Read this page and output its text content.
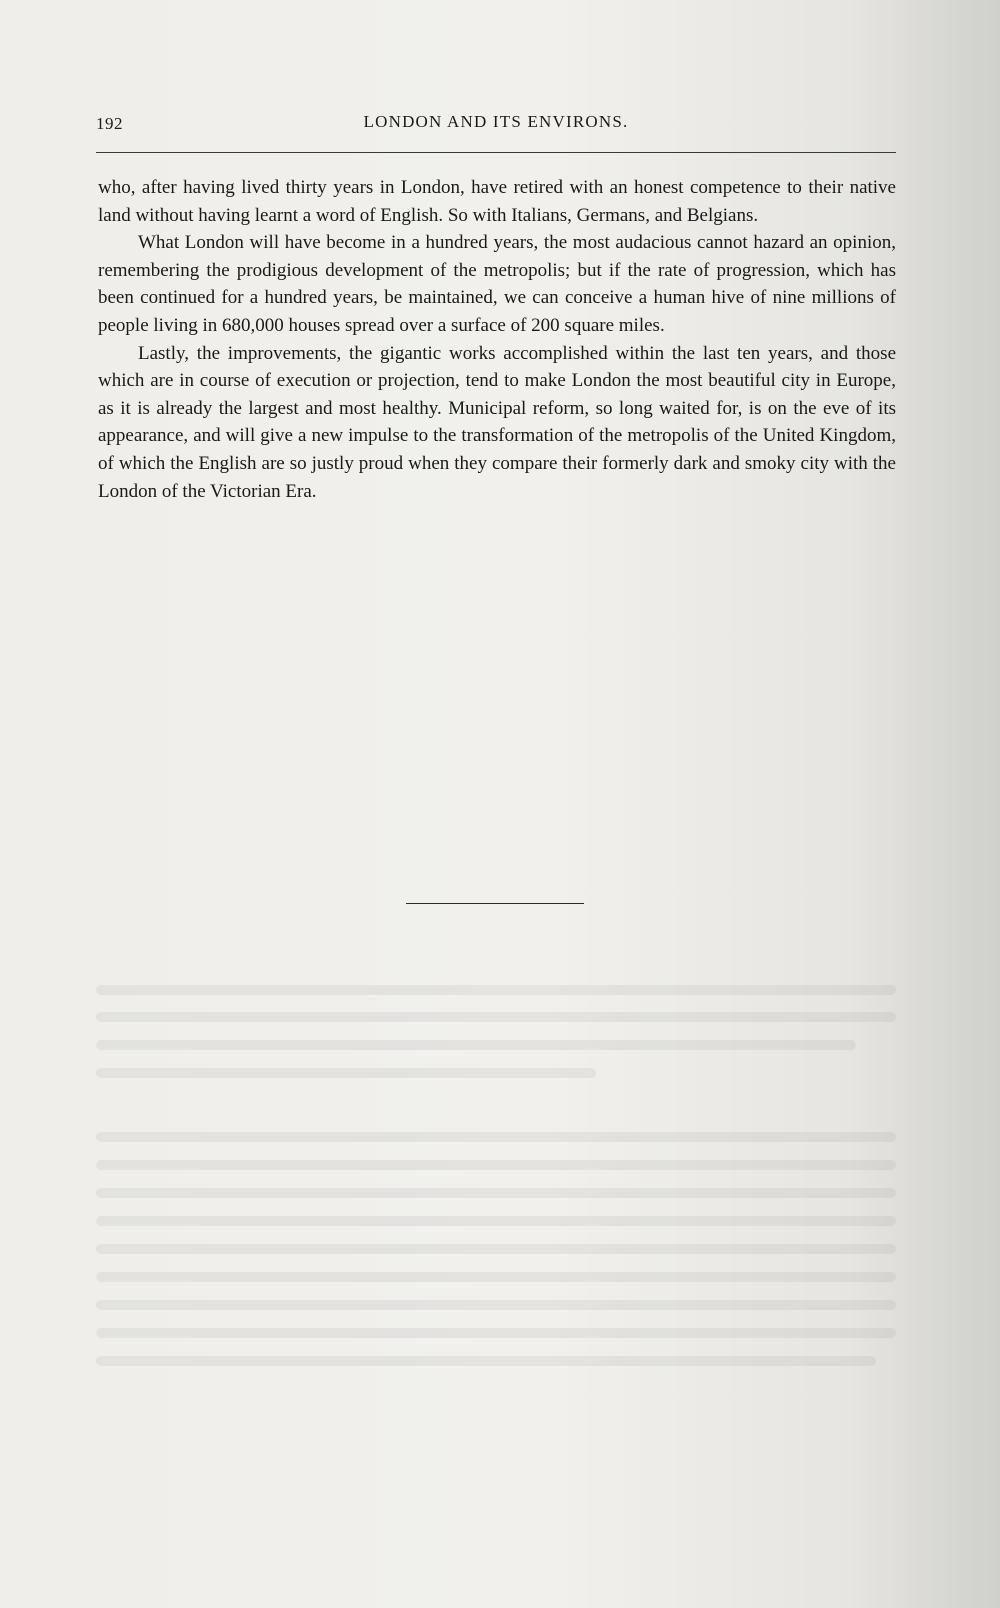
192	LONDON AND ITS ENVIRONS.

who, after having lived thirty years in London, have retired with an honest competence to their native land without having learnt a word of English. So with Italians, Germans, and Belgians.

What London will have become in a hundred years, the most audacious cannot hazard an opinion, remembering the prodigious development of the metropolis; but if the rate of progression, which has been continued for a hundred years, be maintained, we can conceive a human hive of nine millions of people living in 680,000 houses spread over a surface of 200 square miles.

Lastly, the improvements, the gigantic works accomplished within the last ten years, and those which are in course of execution or projection, tend to make London the most beautiful city in Europe, as it is already the largest and most healthy. Municipal reform, so long waited for, is on the eve of its appearance, and will give a new impulse to the transformation of the metropolis of the United Kingdom, of which the English are so justly proud when they compare their formerly dark and smoky city with the London of the Victorian Era.
